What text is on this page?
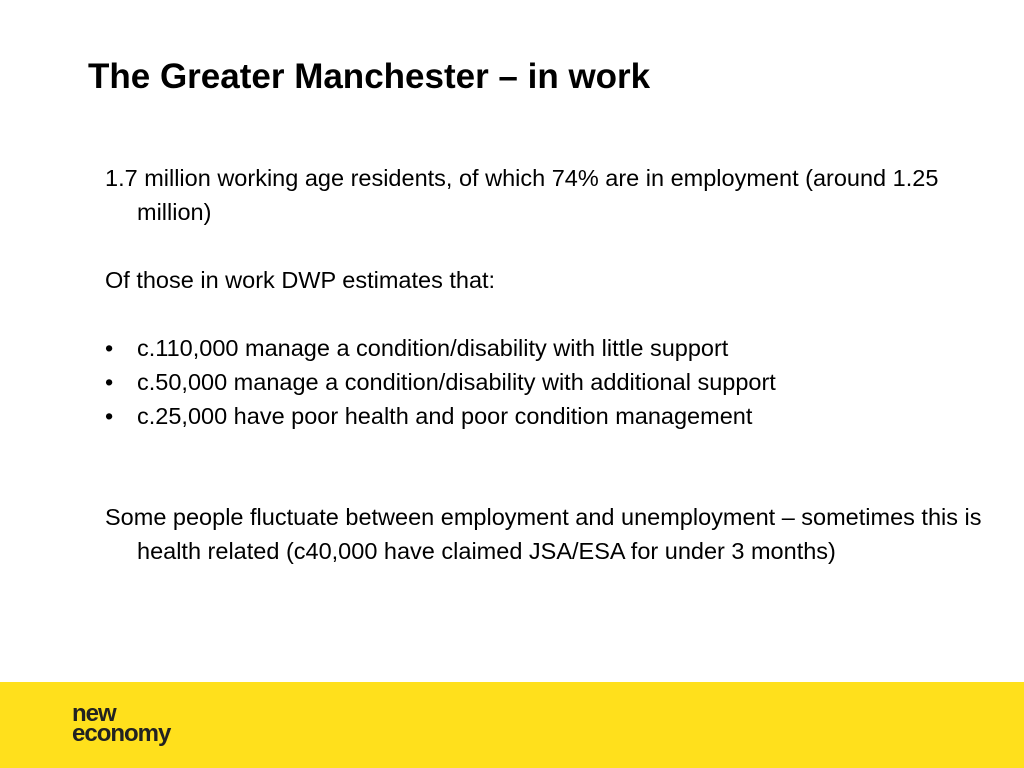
The Greater Manchester – in work

1.7 million working age residents, of which 74% are in employment (around 1.25 million)

Of those in work DWP estimates that:

• c.110,000 manage a condition/disability with little support
• c.50,000 manage a condition/disability with additional support
• c.25,000 have poor health and poor condition management

Some people fluctuate between employment and unemployment – sometimes this is health related (c40,000 have claimed JSA/ESA for under 3 months)

new
economy
